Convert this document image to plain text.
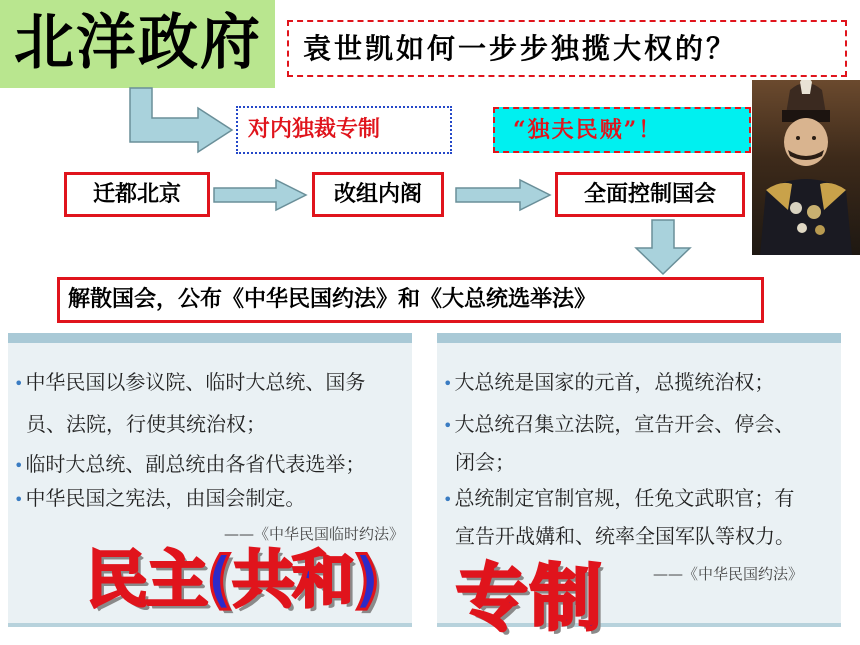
北洋政府	袁世凯如何一步步独揽大权的？
对内独裁专制	“独夫民贼”！
迁都北京	改组内阁	全面控制国会
解散国会，公布《中华民国约法》和《大总统选举法》
• 中华民国以参议院、临时大总统、国务
员、法院，行使其统治权；
• 临时大总统、副总统由各省代表选举；
• 中华民国之宪法，由国会制定。
——《中华民国临时约法》
民主(共和)
• 大总统是国家的元首，总揽统治权；
• 大总统召集立法院，宣告开会、停会、
闭会；
• 总统制定官制官规，任免文武职官；有
宣告开战媾和、统率全国军队等权力。
——《中华民国约法》
专制
